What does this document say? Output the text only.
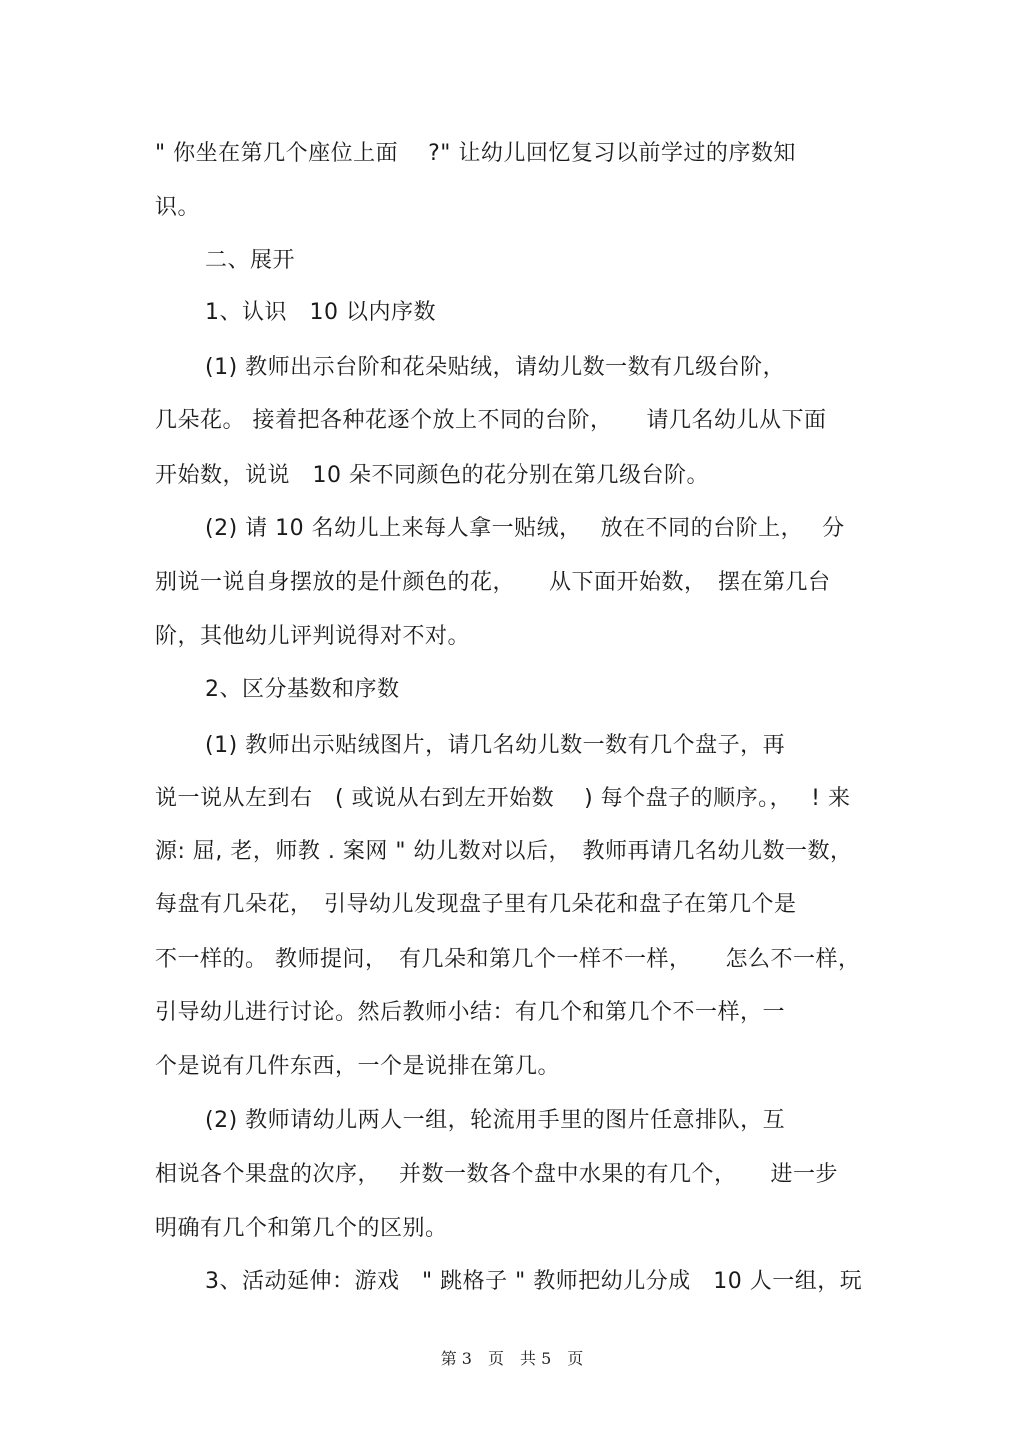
" 你坐在第几个座位上面　 ?" 让幼儿回忆复习以前学过的序数知
识。
二、展开
1、认识　10 以内序数
(1) 教师出示台阶和花朵贴绒，请幼儿数一数有几级台阶，
几朵花。 接着把各种花逐个放上不同的台阶，　　请几名幼儿从下面
开始数，说说　10 朵不同颜色的花分别在第几级台阶。
(2) 请 10 名幼儿上来每人拿一贴绒，　 放在不同的台阶上，　 分
别说一说自身摆放的是什颜色的花，　　从下面开始数，　摆在第几台
阶，其他幼儿评判说得对不对。
2、区分基数和序数
(1) 教师出示贴绒图片，请几名幼儿数一数有几个盘子，再
说一说从左到右　( 或说从右到左开始数　 ) 每个盘子的顺序。，　 ! 来
源: 屈, 老，师教 . 案网 " 幼儿数对以后，　教师再请几名幼儿数一数，
每盘有几朵花，　引导幼儿发现盘子里有几朵花和盘子在第几个是
不一样的。 教师提问，　有几朵和第几个一样不一样，　　怎么不一样，
引导幼儿进行讨论。然后教师小结：有几个和第几个不一样，一
个是说有几件东西，一个是说排在第几。
(2) 教师请幼儿两人一组，轮流用手里的图片任意排队，互
相说各个果盘的次序，　 并数一数各个盘中水果的有几个，　　进一步
明确有几个和第几个的区别。
3、活动延伸：游戏　" 跳格子 " 教师把幼儿分成　10 人一组，玩
第 3　页　共 5　页
